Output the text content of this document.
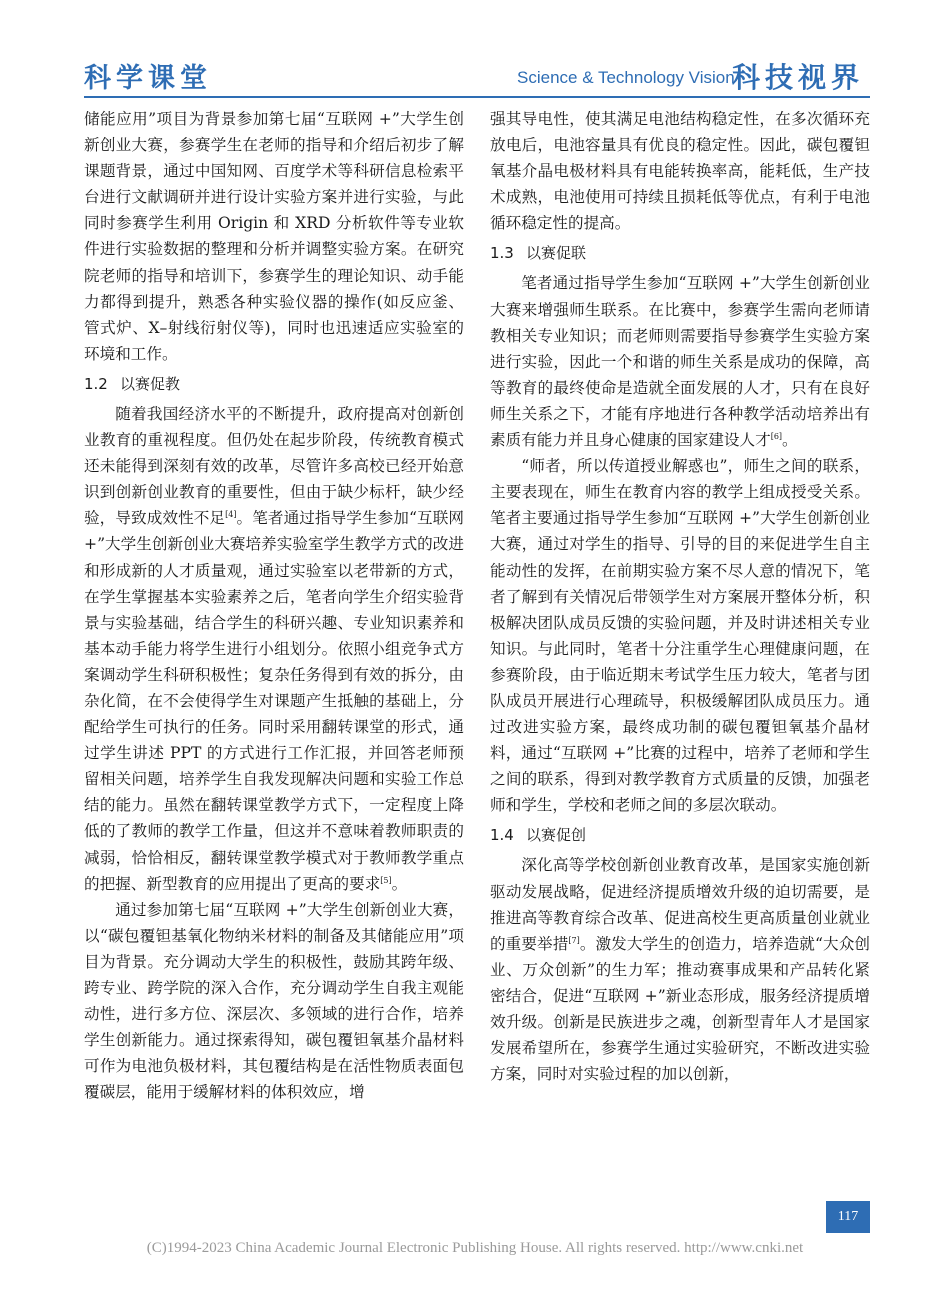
科学课堂	Science & Technology Vision
科技视界

储能应用”项目为背景参加第七届“互联网 +”大学生创新创业大赛，参赛学生在老师的指导和介绍后初步了解课题背景，通过中国知网、百度学术等科研信息检索平台进行文献调研并进行设计实验方案并进行实验，与此同时参赛学生利用 Origin 和 XRD 分析软件等专业软件进行实验数据的整理和分析并调整实验方案。在研究院老师的指导和培训下，参赛学生的理论知识、动手能力都得到提升，熟悉各种实验仪器的操作(如反应釜、管式炉、X–射线衍射仪等)，同时也迅速适应实验室的环境和工作。

1.2 以赛促教

随着我国经济水平的不断提升，政府提高对创新创业教育的重视程度。但仍处在起步阶段，传统教育模式还未能得到深刻有效的改革，尽管许多高校已经开始意识到创新创业教育的重要性，但由于缺少标杆，缺少经验，导致成效性不足[4]。笔者通过指导学生参加“互联网 +”大学生创新创业大赛培养实验室学生教学方式的改进和形成新的人才质量观，通过实验室以老带新的方式，在学生掌握基本实验素养之后，笔者向学生介绍实验背景与实验基础，结合学生的科研兴趣、专业知识素养和基本动手能力将学生进行小组划分。依照小组竞争式方案调动学生科研积极性；复杂任务得到有效的拆分，由杂化简，在不会使得学生对课题产生抵触的基础上，分配给学生可执行的任务。同时采用翻转课堂的形式，通过学生讲述 PPT 的方式进行工作汇报，并回答老师预留相关问题，培养学生自我发现解决问题和实验工作总结的能力。虽然在翻转课堂教学方式下，一定程度上降低的了教师的教学工作量，但这并不意味着教师职责的减弱，恰恰相反，翻转课堂教学模式对于教师教学重点的把握、新型教育的应用提出了更高的要求[5]。

通过参加第七届“互联网 +”大学生创新创业大赛，以“碳包覆钽基氧化物纳米材料的制备及其储能应用”项目为背景。充分调动大学生的积极性，鼓励其跨年级、跨专业、跨学院的深入合作，充分调动学生自我主观能动性，进行多方位、深层次、多领域的进行合作，培养学生创新能力。通过探索得知，碳包覆钽氧基介晶材料可作为电池负极材料，其包覆结构是在活性物质表面包覆碳层，能用于缓解材料的体积效应，增

强其导电性，使其满足电池结构稳定性，在多次循环充放电后，电池容量具有优良的稳定性。因此，碳包覆钽氧基介晶电极材料具有电能转换率高，能耗低，生产技术成熟，电池使用可持续且损耗低等优点，有利于电池循环稳定性的提高。

1.3 以赛促联

笔者通过指导学生参加“互联网 +”大学生创新创业大赛来增强师生联系。在比赛中，参赛学生需向老师请教相关专业知识；而老师则需要指导参赛学生实验方案进行实验，因此一个和谐的师生关系是成功的保障，高等教育的最终使命是造就全面发展的人才，只有在良好师生关系之下，才能有序地进行各种教学活动培养出有素质有能力并且身心健康的国家建设人才[6]。

“师者，所以传道授业解惑也”，师生之间的联系，主要表现在，师生在教育内容的教学上组成授受关系。笔者主要通过指导学生参加“互联网 +”大学生创新创业大赛，通过对学生的指导、引导的目的来促进学生自主能动性的发挥，在前期实验方案不尽人意的情况下，笔者了解到有关情况后带领学生对方案展开整体分析，积极解决团队成员反馈的实验问题，并及时讲述相关专业知识。与此同时，笔者十分注重学生心理健康问题，在参赛阶段，由于临近期末考试学生压力较大，笔者与团队成员开展进行心理疏导，积极缓解团队成员压力。通过改进实验方案，最终成功制的碳包覆钽氧基介晶材料，通过“互联网 +”比赛的过程中，培养了老师和学生之间的联系，得到对教学教育方式质量的反馈，加强老师和学生，学校和老师之间的多层次联动。

1.4 以赛促创

深化高等学校创新创业教育改革，是国家实施创新驱动发展战略，促进经济提质增效升级的迫切需要，是推进高等教育综合改革、促进高校生更高质量创业就业的重要举措[7]。激发大学生的创造力，培养造就“大众创业、万众创新”的生力军；推动赛事成果和产品转化紧密结合，促进“互联网 +”新业态形成，服务经济提质增效升级。创新是民族进步之魂，创新型青年人才是国家发展希望所在，参赛学生通过实验研究，不断改进实验方案，同时对实验过程的加以创新，

117
(C)1994-2023 China Academic Journal Electronic Publishing House. All rights reserved. http://www.cnki.net
